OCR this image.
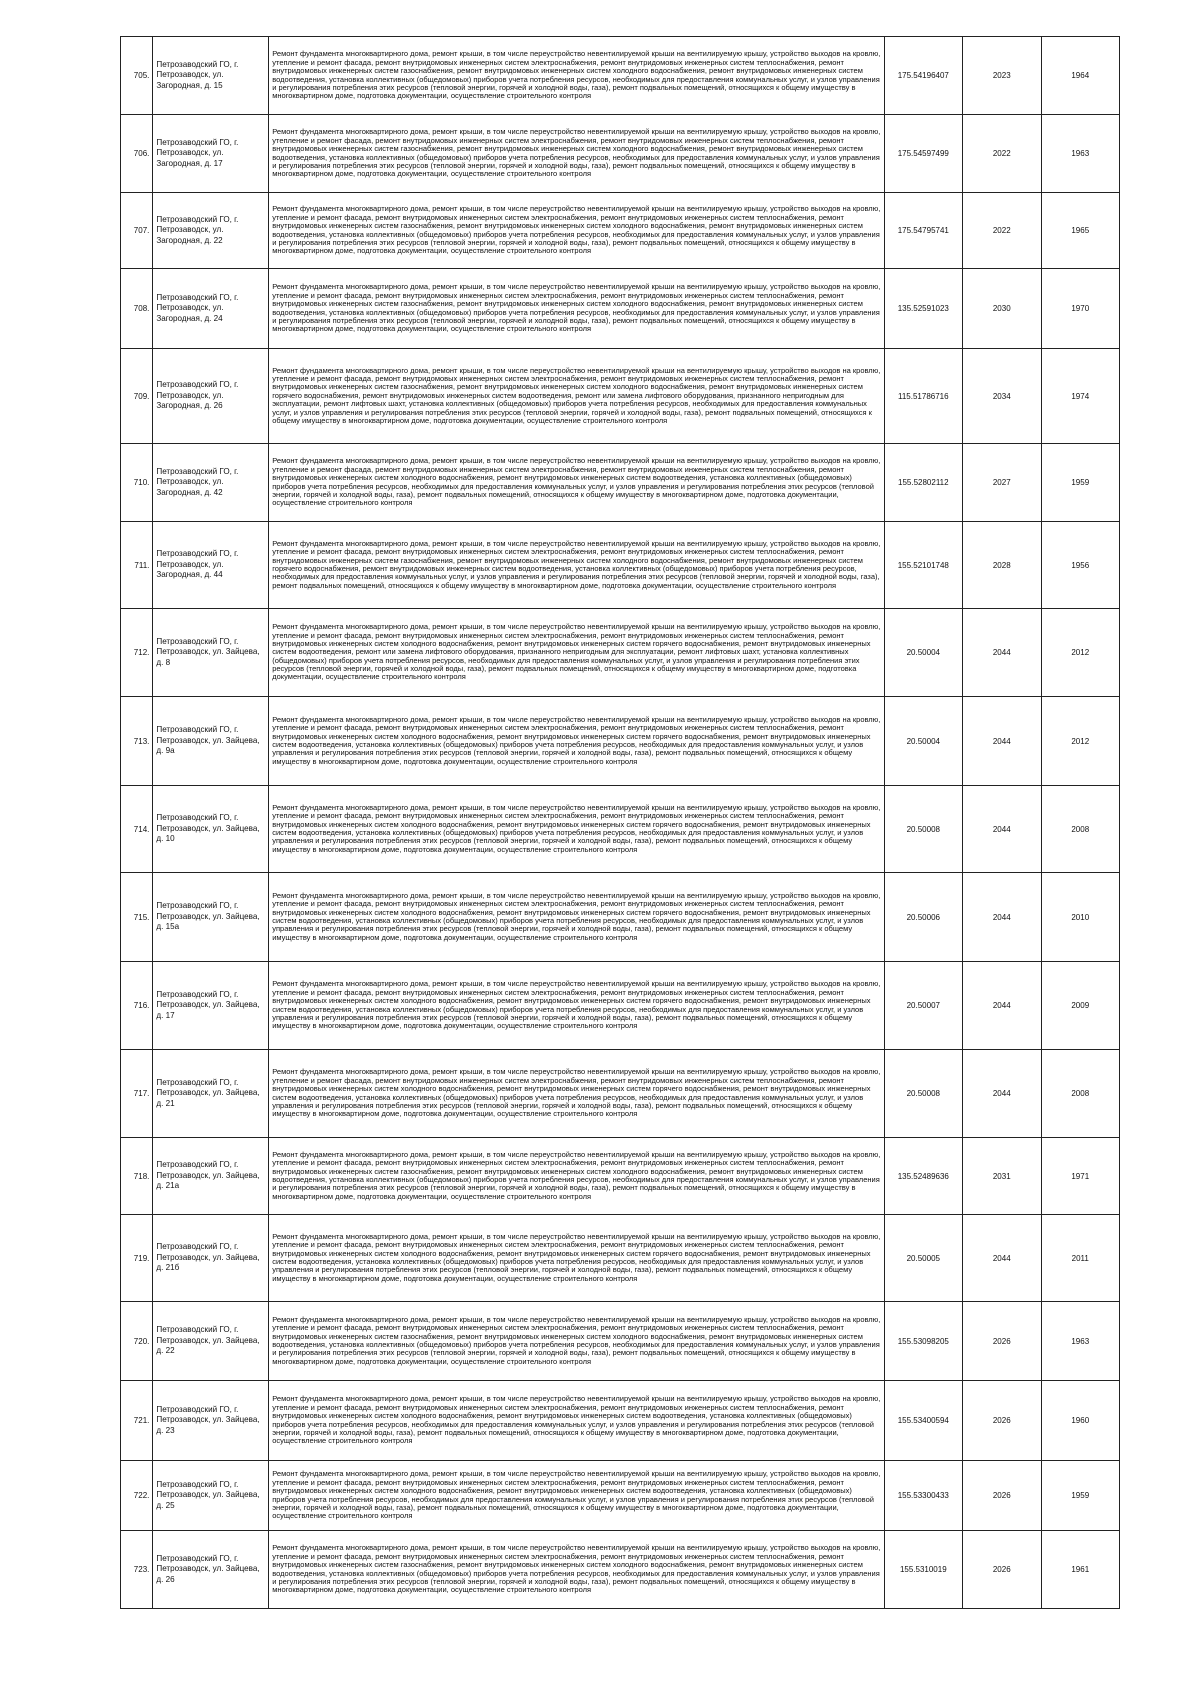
705.	Петрозаводский ГО, г. Петрозаводск, ул. Загородная, д. 15	Ремонт фундамента многоквартирного дома, ремонт крыши, в том числе переустройство невентилируемой крыши на вентилируемую крышу, устройство выходов на кровлю, утепление и ремонт фасада, ремонт внутридомовых инженерных систем электроснабжения, ремонт внутридомовых инженерных систем теплоснабжения, ремонт внутридомовых инженерных систем газоснабжения, ремонт внутридомовых инженерных систем холодного водоснабжения, ремонт внутридомовых инженерных систем водоотведения, установка коллективных (общедомовых) приборов учета потребления ресурсов, необходимых для предоставления коммунальных услуг, и узлов управления и регулирования потребления этих ресурсов (тепловой энергии, горячей и холодной воды, газа), ремонт подвальных помещений, относящихся к общему имуществу в многоквартирном доме, подготовка документации, осуществление строительного контроля	175.54196407	2023	1964
706.	Петрозаводский ГО, г. Петрозаводск, ул. Загородная, д. 17	Ремонт фундамента многоквартирного дома, ремонт крыши, в том числе переустройство невентилируемой крыши на вентилируемую крышу, устройство выходов на кровлю, утепление и ремонт фасада, ремонт внутридомовых инженерных систем электроснабжения, ремонт внутридомовых инженерных систем теплоснабжения, ремонт внутридомовых инженерных систем газоснабжения, ремонт внутридомовых инженерных систем холодного водоснабжения, ремонт внутридомовых инженерных систем водоотведения, установка коллективных (общедомовых) приборов учета потребления ресурсов, необходимых для предоставления коммунальных услуг, и узлов управления и регулирования потребления этих ресурсов (тепловой энергии, горячей и холодной воды, газа), ремонт подвальных помещений, относящихся к общему имуществу в многоквартирном доме, подготовка документации, осуществление строительного контроля	175.54597499	2022	1963
707.	Петрозаводский ГО, г. Петрозаводск, ул. Загородная, д. 22	Ремонт фундамента многоквартирного дома, ремонт крыши, в том числе переустройство невентилируемой крыши на вентилируемую крышу, устройство выходов на кровлю, утепление и ремонт фасада, ремонт внутридомовых инженерных систем электроснабжения, ремонт внутридомовых инженерных систем теплоснабжения, ремонт внутридомовых инженерных систем газоснабжения, ремонт внутридомовых инженерных систем холодного водоснабжения, ремонт внутридомовых инженерных систем водоотведения, установка коллективных (общедомовых) приборов учета потребления ресурсов, необходимых для предоставления коммунальных услуг, и узлов управления и регулирования потребления этих ресурсов (тепловой энергии, горячей и холодной воды, газа), ремонт подвальных помещений, относящихся к общему имуществу в многоквартирном доме, подготовка документации, осуществление строительного контроля	175.54795741	2022	1965
708.	Петрозаводский ГО, г. Петрозаводск, ул. Загородная, д. 24	Ремонт фундамента многоквартирного дома, ремонт крыши, в том числе переустройство невентилируемой крыши на вентилируемую крышу, устройство выходов на кровлю, утепление и ремонт фасада, ремонт внутридомовых инженерных систем электроснабжения, ремонт внутридомовых инженерных систем теплоснабжения, ремонт внутридомовых инженерных систем газоснабжения, ремонт внутридомовых инженерных систем холодного водоснабжения, ремонт внутридомовых инженерных систем водоотведения, установка коллективных (общедомовых) приборов учета потребления ресурсов, необходимых для предоставления коммунальных услуг, и узлов управления и регулирования потребления этих ресурсов (тепловой энергии, горячей и холодной воды, газа), ремонт подвальных помещений, относящихся к общему имуществу в многоквартирном доме, подготовка документации, осуществление строительного контроля	135.52591023	2030	1970
709.	Петрозаводский ГО, г. Петрозаводск, ул. Загородная, д. 26	Ремонт фундамента многоквартирного дома, ремонт крыши, в том числе переустройство невентилируемой крыши на вентилируемую крышу, устройство выходов на кровлю, утепление и ремонт фасада, ремонт внутридомовых инженерных систем электроснабжения, ремонт внутридомовых инженерных систем теплоснабжения, ремонт внутридомовых инженерных систем газоснабжения, ремонт внутридомовых инженерных систем холодного водоснабжения, ремонт внутридомовых инженерных систем горячего водоснабжения, ремонт внутридомовых инженерных систем водоотведения, ремонт или замена лифтового оборудования, признанного непригодным для эксплуатации, ремонт лифтовых шахт, установка коллективных (общедомовых) приборов учета потребления ресурсов, необходимых для предоставления коммунальных услуг, и узлов управления и регулирования потребления этих ресурсов (тепловой энергии, горячей и холодной воды, газа), ремонт подвальных помещений, относящихся к общему имуществу в многоквартирном доме, подготовка документации, осуществление строительного контроля	115.51786716	2034	1974
710.	Петрозаводский ГО, г. Петрозаводск, ул. Загородная, д. 42	Ремонт фундамента многоквартирного дома, ремонт крыши, в том числе переустройство невентилируемой крыши на вентилируемую крышу, устройство выходов на кровлю, утепление и ремонт фасада, ремонт внутридомовых инженерных систем электроснабжения, ремонт внутридомовых инженерных систем теплоснабжения, ремонт внутридомовых инженерных систем холодного водоснабжения, ремонт внутридомовых инженерных систем водоотведения, установка коллективных (общедомовых) приборов учета потребления ресурсов, необходимых для предоставления коммунальных услуг, и узлов управления и регулирования потребления этих ресурсов (тепловой энергии, горячей и холодной воды, газа), ремонт подвальных помещений, относящихся к общему имуществу в многоквартирном доме, подготовка документации, осуществление строительного контроля	155.52802112	2027	1959
711.	Петрозаводский ГО, г. Петрозаводск, ул. Загородная, д. 44	Ремонт фундамента многоквартирного дома, ремонт крыши, в том числе переустройство невентилируемой крыши на вентилируемую крышу, устройство выходов на кровлю, утепление и ремонт фасада, ремонт внутридомовых инженерных систем электроснабжения, ремонт внутридомовых инженерных систем теплоснабжения, ремонт внутридомовых инженерных систем газоснабжения, ремонт внутридомовых инженерных систем холодного водоснабжения, ремонт внутридомовых инженерных систем горячего водоснабжения, ремонт внутридомовых инженерных систем водоотведения, установка коллективных (общедомовых) приборов учета потребления ресурсов, необходимых для предоставления коммунальных услуг, и узлов управления и регулирования потребления этих ресурсов (тепловой энергии, горячей и холодной воды, газа), ремонт подвальных помещений, относящихся к общему имуществу в многоквартирном доме, подготовка документации, осуществление строительного контроля	155.52101748	2028	1956
712.	Петрозаводский ГО, г. Петрозаводск, ул. Зайцева, д. 8	Ремонт фундамента многоквартирного дома, ремонт крыши, в том числе переустройство невентилируемой крыши на вентилируемую крышу, устройство выходов на кровлю, утепление и ремонт фасада, ремонт внутридомовых инженерных систем электроснабжения, ремонт внутридомовых инженерных систем теплоснабжения, ремонт внутридомовых инженерных систем холодного водоснабжения, ремонт внутридомовых инженерных систем горячего водоснабжения, ремонт внутридомовых инженерных систем водоотведения, ремонт или замена лифтового оборудования, признанного непригодным для эксплуатации, ремонт лифтовых шахт, установка коллективных (общедомовых) приборов учета потребления ресурсов, необходимых для предоставления коммунальных услуг, и узлов управления и регулирования потребления этих ресурсов (тепловой энергии, горячей и холодной воды, газа), ремонт подвальных помещений, относящихся к общему имуществу в многоквартирном доме, подготовка документации, осуществление строительного контроля	20.50004	2044	2012
713.	Петрозаводский ГО, г. Петрозаводск, ул. Зайцева, д. 9а	Ремонт фундамента многоквартирного дома, ремонт крыши, в том числе переустройство невентилируемой крыши на вентилируемую крышу, устройство выходов на кровлю, утепление и ремонт фасада, ремонт внутридомовых инженерных систем электроснабжения, ремонт внутридомовых инженерных систем теплоснабжения, ремонт внутридомовых инженерных систем холодного водоснабжения, ремонт внутридомовых инженерных систем горячего водоснабжения, ремонт внутридомовых инженерных систем водоотведения, установка коллективных (общедомовых) приборов учета потребления ресурсов, необходимых для предоставления коммунальных услуг, и узлов управления и регулирования потребления этих ресурсов (тепловой энергии, горячей и холодной воды, газа), ремонт подвальных помещений, относящихся к общему имуществу в многоквартирном доме, подготовка документации, осуществление строительного контроля	20.50004	2044	2012
714.	Петрозаводский ГО, г. Петрозаводск, ул. Зайцева, д. 10	Ремонт фундамента многоквартирного дома, ремонт крыши, в том числе переустройство невентилируемой крыши на вентилируемую крышу, устройство выходов на кровлю, утепление и ремонт фасада, ремонт внутридомовых инженерных систем электроснабжения, ремонт внутридомовых инженерных систем теплоснабжения, ремонт внутридомовых инженерных систем холодного водоснабжения, ремонт внутридомовых инженерных систем горячего водоснабжения, ремонт внутридомовых инженерных систем водоотведения, установка коллективных (общедомовых) приборов учета потребления ресурсов, необходимых для предоставления коммунальных услуг, и узлов управления и регулирования потребления этих ресурсов (тепловой энергии, горячей и холодной воды, газа), ремонт подвальных помещений, относящихся к общему имуществу в многоквартирном доме, подготовка документации, осуществление строительного контроля	20.50008	2044	2008
715.	Петрозаводский ГО, г. Петрозаводск, ул. Зайцева, д. 15а	Ремонт фундамента многоквартирного дома, ремонт крыши, в том числе переустройство невентилируемой крыши на вентилируемую крышу, устройство выходов на кровлю, утепление и ремонт фасада, ремонт внутридомовых инженерных систем электроснабжения, ремонт внутридомовых инженерных систем теплоснабжения, ремонт внутридомовых инженерных систем холодного водоснабжения, ремонт внутридомовых инженерных систем горячего водоснабжения, ремонт внутридомовых инженерных систем водоотведения, установка коллективных (общедомовых) приборов учета потребления ресурсов, необходимых для предоставления коммунальных услуг, и узлов управления и регулирования потребления этих ресурсов (тепловой энергии, горячей и холодной воды, газа), ремонт подвальных помещений, относящихся к общему имуществу в многоквартирном доме, подготовка документации, осуществление строительного контроля	20.50006	2044	2010
716.	Петрозаводский ГО, г. Петрозаводск, ул. Зайцева, д. 17	Ремонт фундамента многоквартирного дома, ремонт крыши, в том числе переустройство невентилируемой крыши на вентилируемую крышу, устройство выходов на кровлю, утепление и ремонт фасада, ремонт внутридомовых инженерных систем электроснабжения, ремонт внутридомовых инженерных систем теплоснабжения, ремонт внутридомовых инженерных систем холодного водоснабжения, ремонт внутридомовых инженерных систем горячего водоснабжения, ремонт внутридомовых инженерных систем водоотведения, установка коллективных (общедомовых) приборов учета потребления ресурсов, необходимых для предоставления коммунальных услуг, и узлов управления и регулирования потребления этих ресурсов (тепловой энергии, горячей и холодной воды, газа), ремонт подвальных помещений, относящихся к общему имуществу в многоквартирном доме, подготовка документации, осуществление строительного контроля	20.50007	2044	2009
717.	Петрозаводский ГО, г. Петрозаводск, ул. Зайцева, д. 21	Ремонт фундамента многоквартирного дома, ремонт крыши, в том числе переустройство невентилируемой крыши на вентилируемую крышу, устройство выходов на кровлю, утепление и ремонт фасада, ремонт внутридомовых инженерных систем электроснабжения, ремонт внутридомовых инженерных систем теплоснабжения, ремонт внутридомовых инженерных систем холодного водоснабжения, ремонт внутридомовых инженерных систем горячего водоснабжения, ремонт внутридомовых инженерных систем водоотведения, установка коллективных (общедомовых) приборов учета потребления ресурсов, необходимых для предоставления коммунальных услуг, и узлов управления и регулирования потребления этих ресурсов (тепловой энергии, горячей и холодной воды, газа), ремонт подвальных помещений, относящихся к общему имуществу в многоквартирном доме, подготовка документации, осуществление строительного контроля	20.50008	2044	2008
718.	Петрозаводский ГО, г. Петрозаводск, ул. Зайцева, д. 21а	Ремонт фундамента многоквартирного дома, ремонт крыши, в том числе переустройство невентилируемой крыши на вентилируемую крышу, устройство выходов на кровлю, утепление и ремонт фасада, ремонт внутридомовых инженерных систем электроснабжения, ремонт внутридомовых инженерных систем теплоснабжения, ремонт внутридомовых инженерных систем газоснабжения, ремонт внутридомовых инженерных систем холодного водоснабжения, ремонт внутридомовых инженерных систем водоотведения, установка коллективных (общедомовых) приборов учета потребления ресурсов, необходимых для предоставления коммунальных услуг, и узлов управления и регулирования потребления этих ресурсов (тепловой энергии, горячей и холодной воды, газа), ремонт подвальных помещений, относящихся к общему имуществу в многоквартирном доме, подготовка документации, осуществление строительного контроля	135.52489636	2031	1971
719.	Петрозаводский ГО, г. Петрозаводск, ул. Зайцева, д. 21б	Ремонт фундамента многоквартирного дома, ремонт крыши, в том числе переустройство невентилируемой крыши на вентилируемую крышу, устройство выходов на кровлю, утепление и ремонт фасада, ремонт внутридомовых инженерных систем электроснабжения, ремонт внутридомовых инженерных систем теплоснабжения, ремонт внутридомовых инженерных систем холодного водоснабжения, ремонт внутридомовых инженерных систем горячего водоснабжения, ремонт внутридомовых инженерных систем водоотведения, установка коллективных (общедомовых) приборов учета потребления ресурсов, необходимых для предоставления коммунальных услуг, и узлов управления и регулирования потребления этих ресурсов (тепловой энергии, горячей и холодной воды, газа), ремонт подвальных помещений, относящихся к общему имуществу в многоквартирном доме, подготовка документации, осуществление строительного контроля	20.50005	2044	2011
720.	Петрозаводский ГО, г. Петрозаводск, ул. Зайцева, д. 22	Ремонт фундамента многоквартирного дома, ремонт крыши, в том числе переустройство невентилируемой крыши на вентилируемую крышу, устройство выходов на кровлю, утепление и ремонт фасада, ремонт внутридомовых инженерных систем электроснабжения, ремонт внутридомовых инженерных систем теплоснабжения, ремонт внутридомовых инженерных систем газоснабжения, ремонт внутридомовых инженерных систем холодного водоснабжения, ремонт внутридомовых инженерных систем водоотведения, установка коллективных (общедомовых) приборов учета потребления ресурсов, необходимых для предоставления коммунальных услуг, и узлов управления и регулирования потребления этих ресурсов (тепловой энергии, горячей и холодной воды, газа), ремонт подвальных помещений, относящихся к общему имуществу в многоквартирном доме, подготовка документации, осуществление строительного контроля	155.53098205	2026	1963
721.	Петрозаводский ГО, г. Петрозаводск, ул. Зайцева, д. 23	Ремонт фундамента многоквартирного дома, ремонт крыши, в том числе переустройство невентилируемой крыши на вентилируемую крышу, устройство выходов на кровлю, утепление и ремонт фасада, ремонт внутридомовых инженерных систем электроснабжения, ремонт внутридомовых инженерных систем теплоснабжения, ремонт внутридомовых инженерных систем холодного водоснабжения, ремонт внутридомовых инженерных систем водоотведения, установка коллективных (общедомовых) приборов учета потребления ресурсов, необходимых для предоставления коммунальных услуг, и узлов управления и регулирования потребления этих ресурсов (тепловой энергии, горячей и холодной воды, газа), ремонт подвальных помещений, относящихся к общему имуществу в многоквартирном доме, подготовка документации, осуществление строительного контроля	155.53400594	2026	1960
722.	Петрозаводский ГО, г. Петрозаводск, ул. Зайцева, д. 25	Ремонт фундамента многоквартирного дома, ремонт крыши, в том числе переустройство невентилируемой крыши на вентилируемую крышу, устройство выходов на кровлю, утепление и ремонт фасада, ремонт внутридомовых инженерных систем электроснабжения, ремонт внутридомовых инженерных систем теплоснабжения, ремонт внутридомовых инженерных систем холодного водоснабжения, ремонт внутридомовых инженерных систем водоотведения, установка коллективных (общедомовых) приборов учета потребления ресурсов, необходимых для предоставления коммунальных услуг, и узлов управления и регулирования потребления этих ресурсов (тепловой энергии, горячей и холодной воды, газа), ремонт подвальных помещений, относящихся к общему имуществу в многоквартирном доме, подготовка документации, осуществление строительного контроля	155.53300433	2026	1959
723.	Петрозаводский ГО, г. Петрозаводск, ул. Зайцева, д. 26	Ремонт фундамента многоквартирного дома, ремонт крыши, в том числе переустройство невентилируемой крыши на вентилируемую крышу, устройство выходов на кровлю, утепление и ремонт фасада, ремонт внутридомовых инженерных систем электроснабжения, ремонт внутридомовых инженерных систем теплоснабжения, ремонт внутридомовых инженерных систем газоснабжения, ремонт внутридомовых инженерных систем холодного водоснабжения, ремонт внутридомовых инженерных систем водоотведения, установка коллективных (общедомовых) приборов учета потребления ресурсов, необходимых для предоставления коммунальных услуг, и узлов управления и регулирования потребления этих ресурсов (тепловой энергии, горячей и холодной воды, газа), ремонт подвальных помещений, относящихся к общему имуществу в многоквартирном доме, подготовка документации, осуществление строительного контроля	155.5310019	2026	1961
